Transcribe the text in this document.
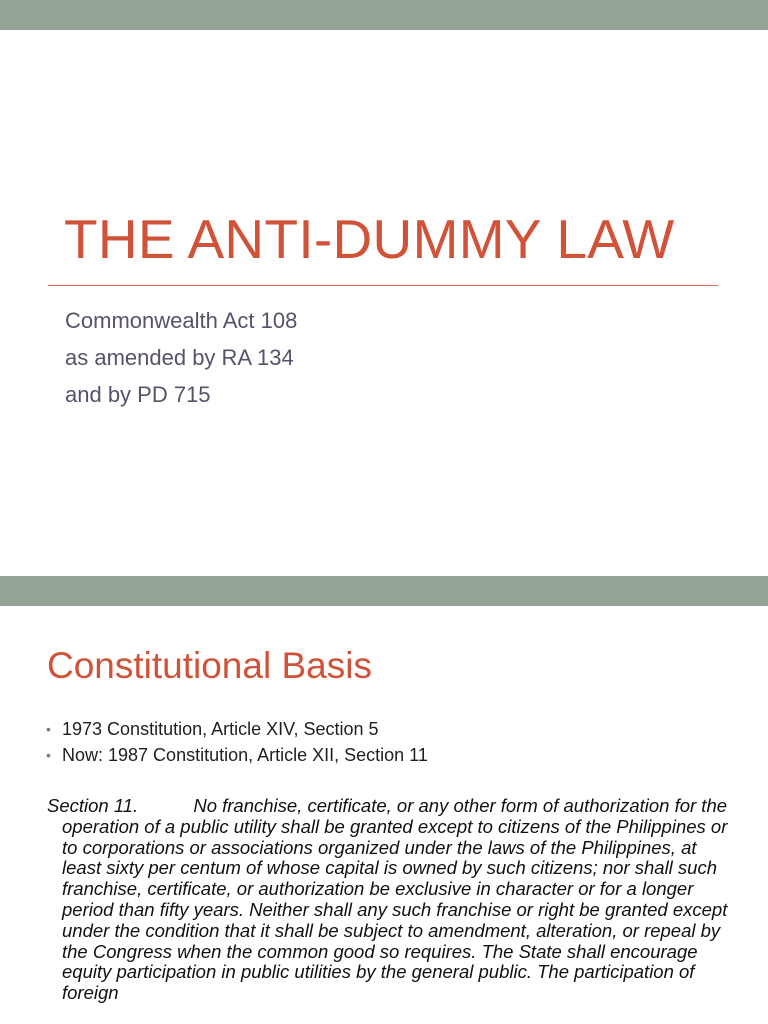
THE ANTI-DUMMY LAW
Commonwealth Act 108
as amended by RA 134
and by PD 715
Constitutional Basis
• 1973 Constitution, Article XIV, Section 5
• Now: 1987 Constitution, Article XII, Section 11

Section 11.	No franchise, certificate, or any other form of authorization for the operation of a public utility shall be granted except to citizens of the Philippines or to corporations or associations organized under the laws of the Philippines, at least sixty per centum of whose capital is owned by such citizens; nor shall such franchise, certificate, or authorization be exclusive in character or for a longer period than fifty years. Neither shall any such franchise or right be granted except under the condition that it shall be subject to amendment, alteration, or repeal by the Congress when the common good so requires. The State shall encourage equity participation in public utilities by the general public. The participation of foreign
